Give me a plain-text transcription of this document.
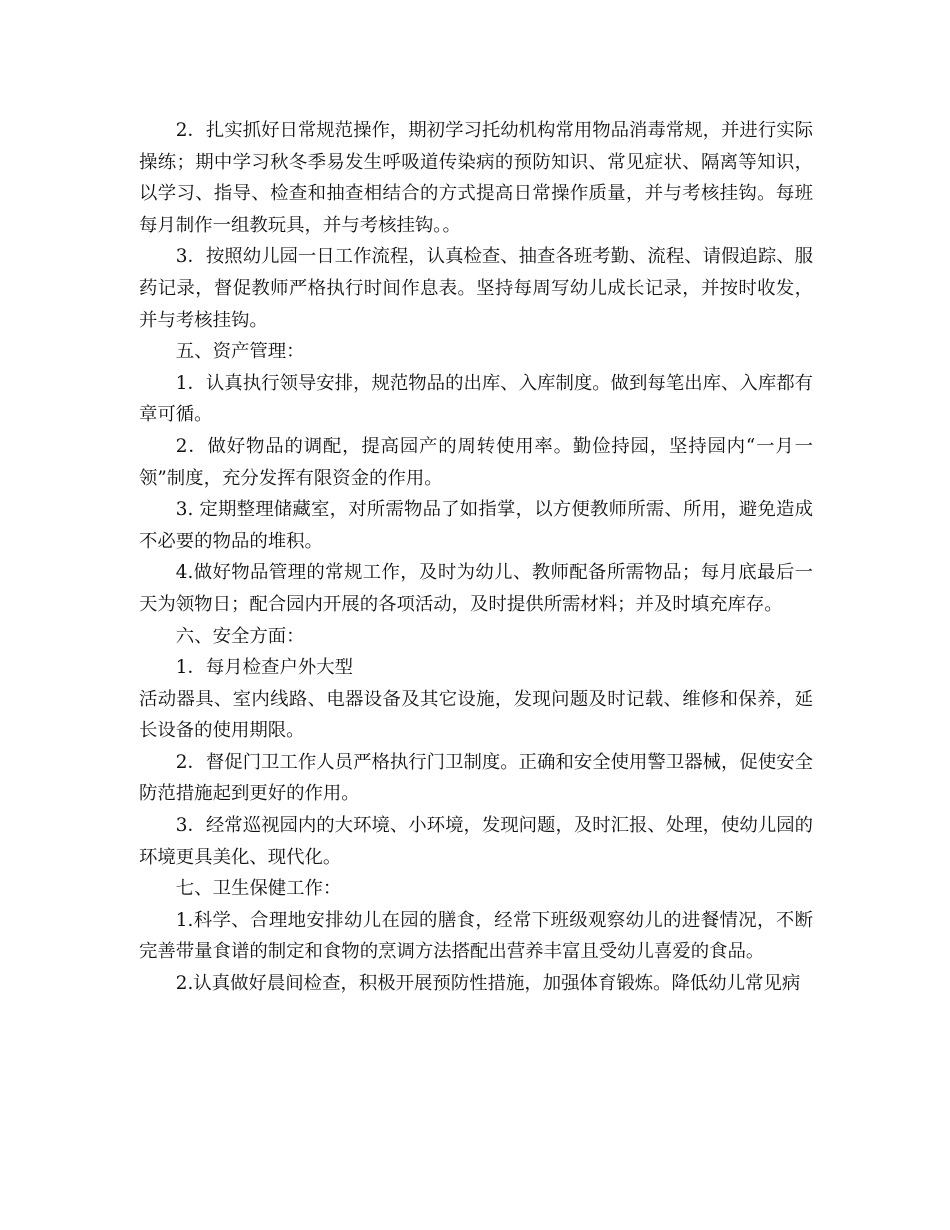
2．扎实抓好日常规范操作，期初学习托幼机构常用物品消毒常规，并进行实际操练；期中学习秋冬季易发生呼吸道传染病的预防知识、常见症状、隔离等知识，以学习、指导、检查和抽查相结合的方式提高日常操作质量，并与考核挂钩。每班每月制作一组教玩具，并与考核挂钩。。

3．按照幼儿园一日工作流程，认真检查、抽查各班考勤、流程、请假追踪、服药记录，督促教师严格执行时间作息表。坚持每周写幼儿成长记录，并按时收发，并与考核挂钩。

五、资产管理：

1．认真执行领导安排，规范物品的出库、入库制度。做到每笔出库、入库都有章可循。

2．做好物品的调配，提高园产的周转使用率。勤俭持园，坚持园内“一月一领”制度，充分发挥有限资金的作用。

3. 定期整理储藏室，对所需物品了如指掌，以方便教师所需、所用，避免造成不必要的物品的堆积。

4.做好物品管理的常规工作，及时为幼儿、教师配备所需物品；每月底最后一天为领物日；配合园内开展的各项活动，及时提供所需材料；并及时填充库存。

六、安全方面：

1．每月检查户外大型

活动器具、室内线路、电器设备及其它设施，发现问题及时记载、维修和保养，延长设备的使用期限。

2．督促门卫工作人员严格执行门卫制度。正确和安全使用警卫器械，促使安全防范措施起到更好的作用。

3．经常巡视园内的大环境、小环境，发现问题，及时汇报、处理，使幼儿园的环境更具美化、现代化。

七、卫生保健工作：

1.科学、合理地安排幼儿在园的膳食，经常下班级观察幼儿的进餐情况，不断完善带量食谱的制定和食物的烹调方法搭配出营养丰富且受幼儿喜爱的食品。

2.认真做好晨间检查，积极开展预防性措施，加强体育锻炼。降低幼儿常见病
